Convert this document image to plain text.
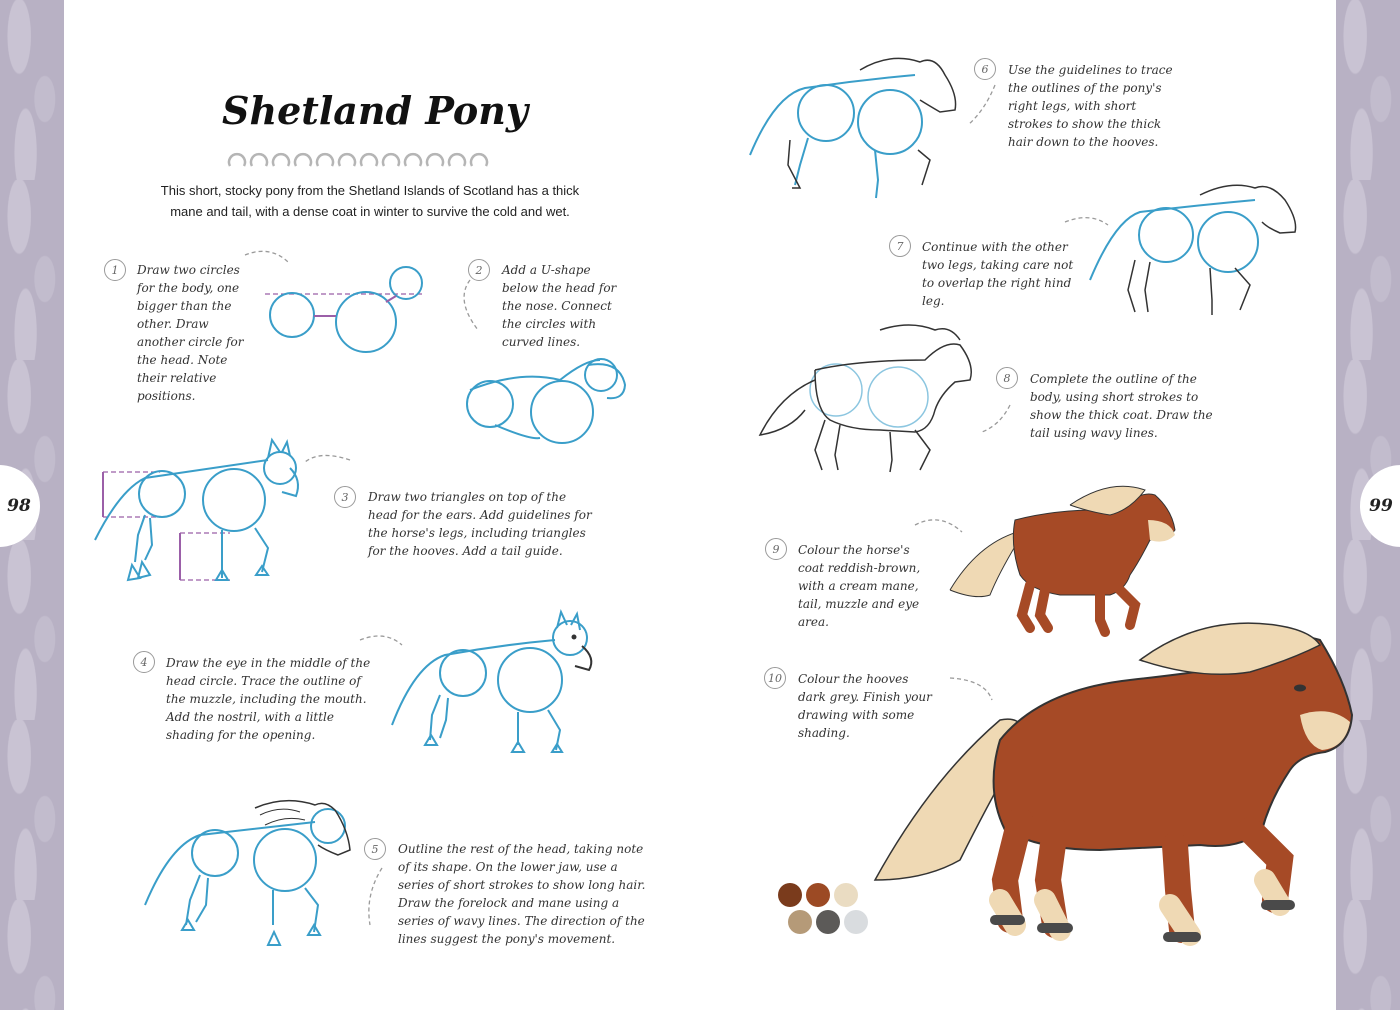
98	99
Shetland Pony
This short, stocky pony from the Shetland Islands of Scotland has a thick mane and tail, with a dense coat in winter to survive the cold and wet.
1	Draw two circles for the body, one bigger than the other. Draw another circle for the head. Note their relative positions.
2	Add a U-shape below the head for the nose. Connect the circles with curved lines.
3	Draw two triangles on top of the head for the ears. Add guidelines for the horse's legs, including triangles for the hooves. Add a tail guide.
4	Draw the eye in the middle of the head circle. Trace the outline of the muzzle, including the mouth. Add the nostril, with a little shading for the opening.
5	Outline the rest of the head, taking note of its shape. On the lower jaw, use a series of short strokes to show long hair. Draw the forelock and mane using a series of wavy lines. The direction of the lines suggest the pony's movement.
6	Use the guidelines to trace the outlines of the pony's right legs, with short strokes to show the thick hair down to the hooves.
7	Continue with the other two legs, taking care not to overlap the right hind leg.
8	Complete the outline of the body, using short strokes to show the thick coat. Draw the tail using wavy lines.
9	Colour the horse's coat reddish-brown, with a cream mane, tail, muzzle and eye area.
10	Colour the hooves dark grey. Finish your drawing with some shading.
